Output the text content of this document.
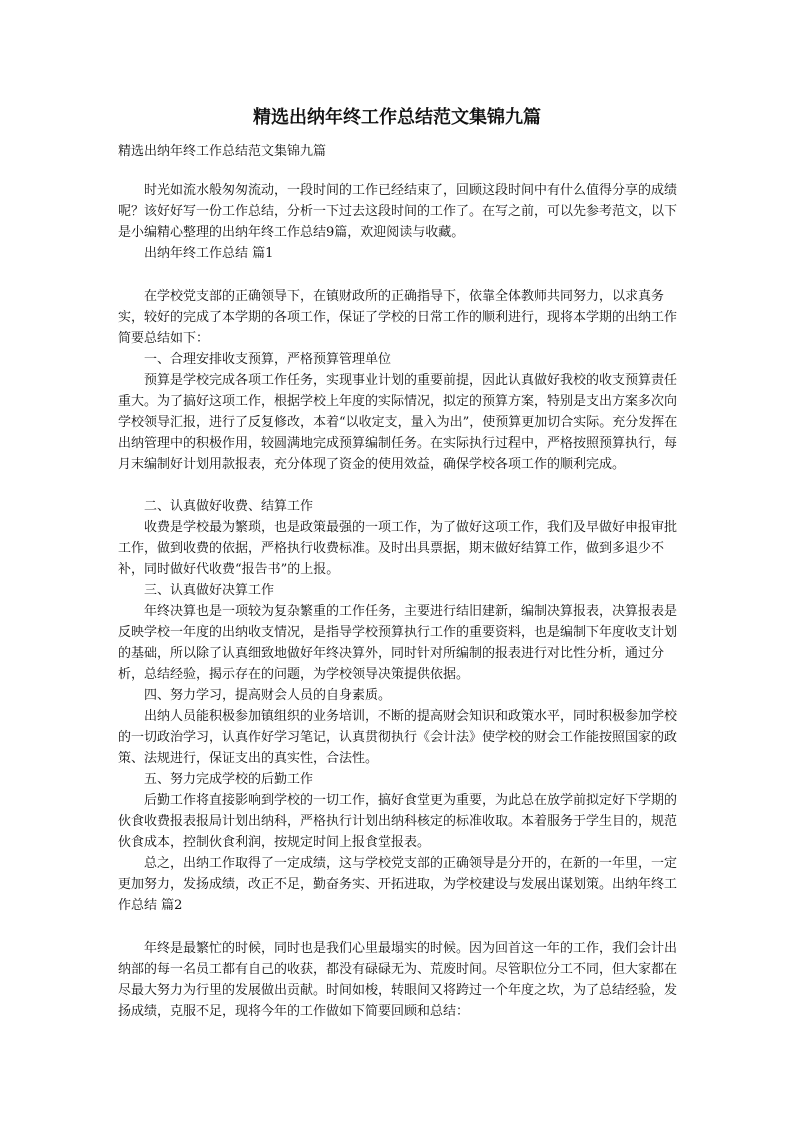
精选出纳年终工作总结范文集锦九篇

精选出纳年终工作总结范文集锦九篇

时光如流水般匆匆流动，一段时间的工作已经结束了，回顾这段时间中有什么值得分享的成绩呢？该好好写一份工作总结，分析一下过去这段时间的工作了。在写之前，可以先参考范文，以下是小编精心整理的出纳年终工作总结9篇，欢迎阅读与收藏。

出纳年终工作总结 篇1

在学校党支部的正确领导下，在镇财政所的正确指导下，依靠全体教师共同努力，以求真务实，较好的完成了本学期的各项工作，保证了学校的日常工作的顺利进行，现将本学期的出纳工作简要总结如下：

一、合理安排收支预算，严格预算管理单位

预算是学校完成各项工作任务，实现事业计划的重要前提，因此认真做好我校的收支预算责任重大。为了搞好这项工作，根据学校上年度的实际情况，拟定的预算方案，特别是支出方案多次向学校领导汇报，进行了反复修改，本着“以收定支，量入为出”，使预算更加切合实际。充分发挥在出纳管理中的积极作用，较圆满地完成预算编制任务。在实际执行过程中，严格按照预算执行，每月末编制好计划用款报表，充分体现了资金的使用效益，确保学校各项工作的顺利完成。

二、认真做好收费、结算工作

收费是学校最为繁琐，也是政策最强的一项工作，为了做好这项工作，我们及早做好申报审批工作，做到收费的依据，严格执行收费标准。及时出具票据，期末做好结算工作，做到多退少不补，同时做好代收费“报告书”的上报。

三、认真做好决算工作

年终决算也是一项较为复杂繁重的工作任务，主要进行结旧建新，编制决算报表，决算报表是反映学校一年度的出纳收支情况，是指导学校预算执行工作的重要资料，也是编制下年度收支计划的基础，所以除了认真细致地做好年终决算外，同时针对所编制的报表进行对比性分析，通过分析，总结经验，揭示存在的问题，为学校领导决策提供依据。

四、努力学习，提高财会人员的自身素质。

出纳人员能积极参加镇组织的业务培训，不断的提高财会知识和政策水平，同时积极参加学校的一切政治学习，认真作好学习笔记，认真贯彻执行《会计法》使学校的财会工作能按照国家的政策、法规进行，保证支出的真实性，合法性。

五、努力完成学校的后勤工作

后勤工作将直接影响到学校的一切工作，搞好食堂更为重要，为此总在放学前拟定好下学期的伙食收费报表报局计划出纳科，严格执行计划出纳科核定的标准收取。本着服务于学生目的，规范伙食成本，控制伙食利润，按规定时间上报食堂报表。

总之，出纳工作取得了一定成绩，这与学校党支部的正确领导是分开的，在新的一年里，一定更加努力，发扬成绩，改正不足，勤奋务实、开拓进取，为学校建设与发展出谋划策。出纳年终工作总结 篇2

年终是最繁忙的时候，同时也是我们心里最塌实的时候。因为回首这一年的工作，我们会计出纳部的每一名员工都有自己的收获，都没有碌碌无为、荒废时间。尽管职位分工不同，但大家都在尽最大努力为行里的发展做出贡献。时间如梭，转眼间又将跨过一个年度之坎，为了总结经验，发扬成绩，克服不足，现将今年的工作做如下简要回顾和总结：
